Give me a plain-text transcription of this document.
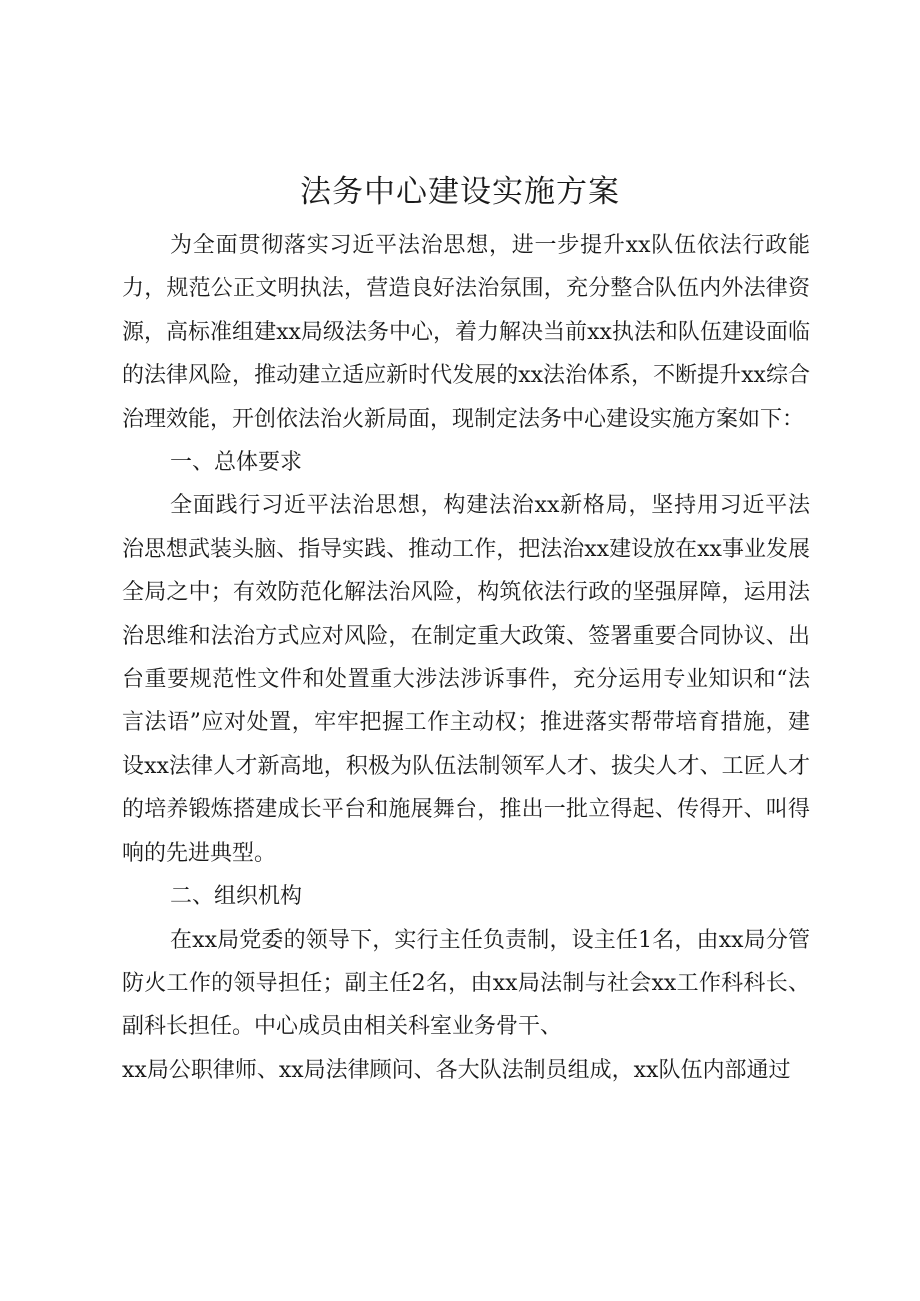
法务中心建设实施方案

为全面贯彻落实习近平法治思想，进一步提升xx队伍依法行政能力，规范公正文明执法，营造良好法治氛围，充分整合队伍内外法律资源，高标准组建xx局级法务中心，着力解决当前xx执法和队伍建设面临的法律风险，推动建立适应新时代发展的xx法治体系，不断提升xx综合治理效能，开创依法治火新局面，现制定法务中心建设实施方案如下：

一、总体要求

全面践行习近平法治思想，构建法治xx新格局，坚持用习近平法治思想武装头脑、指导实践、推动工作，把法治xx建设放在xx事业发展全局之中；有效防范化解法治风险，构筑依法行政的坚强屏障，运用法治思维和法治方式应对风险，在制定重大政策、签署重要合同协议、出台重要规范性文件和处置重大涉法涉诉事件，充分运用专业知识和“法言法语”应对处置，牢牢把握工作主动权；推进落实帮带培育措施，建设xx法律人才新高地，积极为队伍法制领军人才、拔尖人才、工匠人才的培养锻炼搭建成长平台和施展舞台，推出一批立得起、传得开、叫得响的先进典型。

二、组织机构

在xx局党委的领导下，实行主任负责制，设主任1名，由xx局分管防火工作的领导担任；副主任2名，由xx局法制与社会xx工作科科长、副科长担任。中心成员由相关科室业务骨干、

xx局公职律师、xx局法律顾问、各大队法制员组成，xx队伍内部通过
